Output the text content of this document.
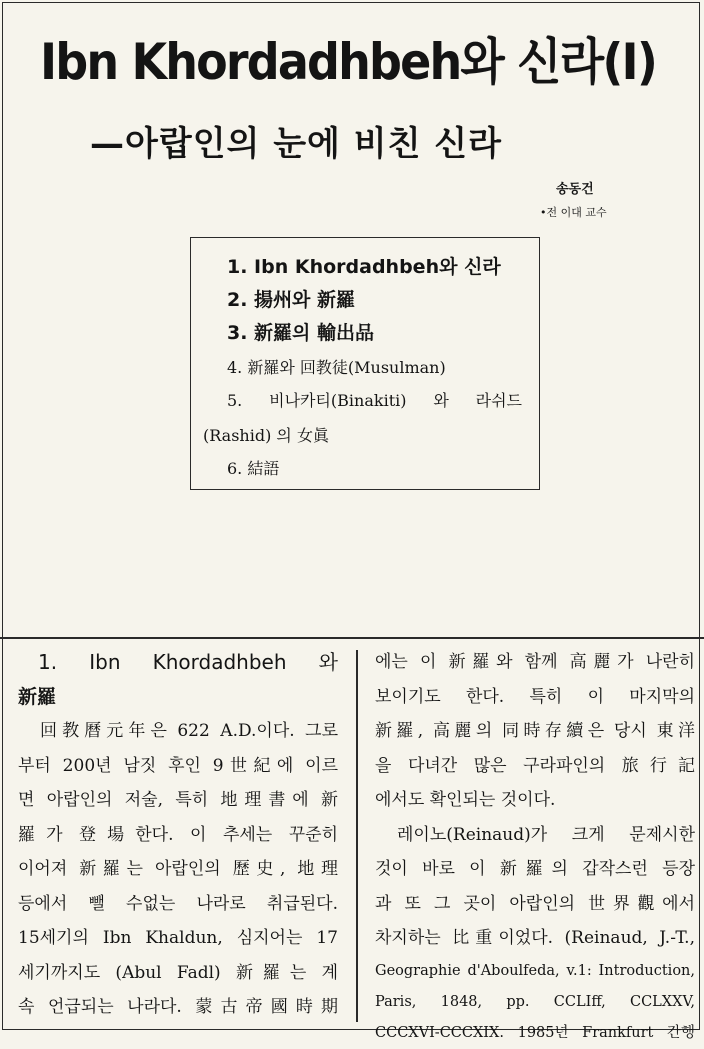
Ibn Khordadhbeh와 신라(Ⅰ)
—아랍인의 눈에 비친 신라
송동건
•전 이대 교수
1. Ibn Khordadhbeh와 신라
2. 揚州와 新羅
3. 新羅의 輸出品
4. 新羅와 回教徒(Musulman)
5. 비나카티(Binakiti) 와 라쉬드
(Rashid) 의 女眞
6. 結語
1. Ibn Khordadhbeh 와
新羅
回教曆元年은 622 A.D.이다. 그로
부터 200년 남짓 후인 9世紀에 이르
면 아랍인의 저술, 특히 地理書에 新
羅가 登場한다. 이 추세는 꾸준히
이어져 新羅는 아랍인의 歷史, 地理
등에서 뺄 수없는 나라로 취급된다.
15세기의 Ibn Khaldun, 심지어는 17
세기까지도 (Abul Fadl) 新羅는 계
속 언급되는 나라다. 蒙古帝國時期
에는 이 新羅와 함께 高麗가 나란히
보이기도 한다. 특히 이 마지막의
新羅, 高麗의 同時存續은 당시 東洋
을 다녀간 많은 구라파인의 旅行記
에서도 확인되는 것이다.
레이노(Reinaud)가 크게 문제시한
것이 바로 이 新羅의 갑작스런 등장
과 또 그 곳이 아랍인의 世界觀에서
차지하는 比重이었다. (Reinaud, J.-T.,
Geographie d'Aboulfeda, v.1: Introduction,
Paris, 1848, pp. CCLIff, CCLXXV,
CCCXVI-CCCXIX. 1985년 Frankfurt 간행
